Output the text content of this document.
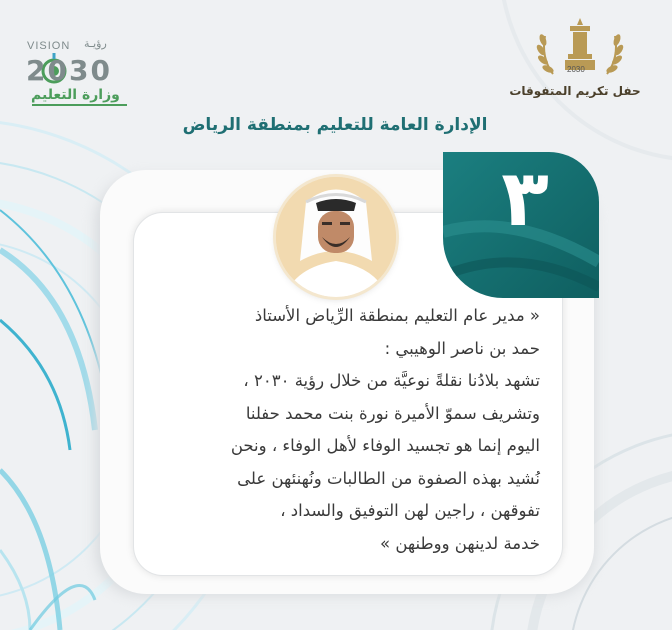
VISION رؤيـة
2030
وزارة التعليم
2030
حفل تكريم المتفوقات
الإدارة العامة للتعليم بمنطقة الرياض
٣
« مدير عام التعليم بمنطقة الرِّياض الأستاذ
حمد بن ناصر الوهيبي :
تشهد بلادُنا نقلةً نوعيَّة من خلال رؤية ٢٠٣٠ ،
وتشريف سموّ الأميرة نورة بنت محمد حفلنا
اليوم إنما هو تجسيد الوفاء لأهل الوفاء ، ونحن
نُشيد بهذه الصفوة من الطالبات ونُهنئهن على
تفوقهن ، راجين لهن التوفيق والسداد ،
خدمة لدينهن ووطنهن »
